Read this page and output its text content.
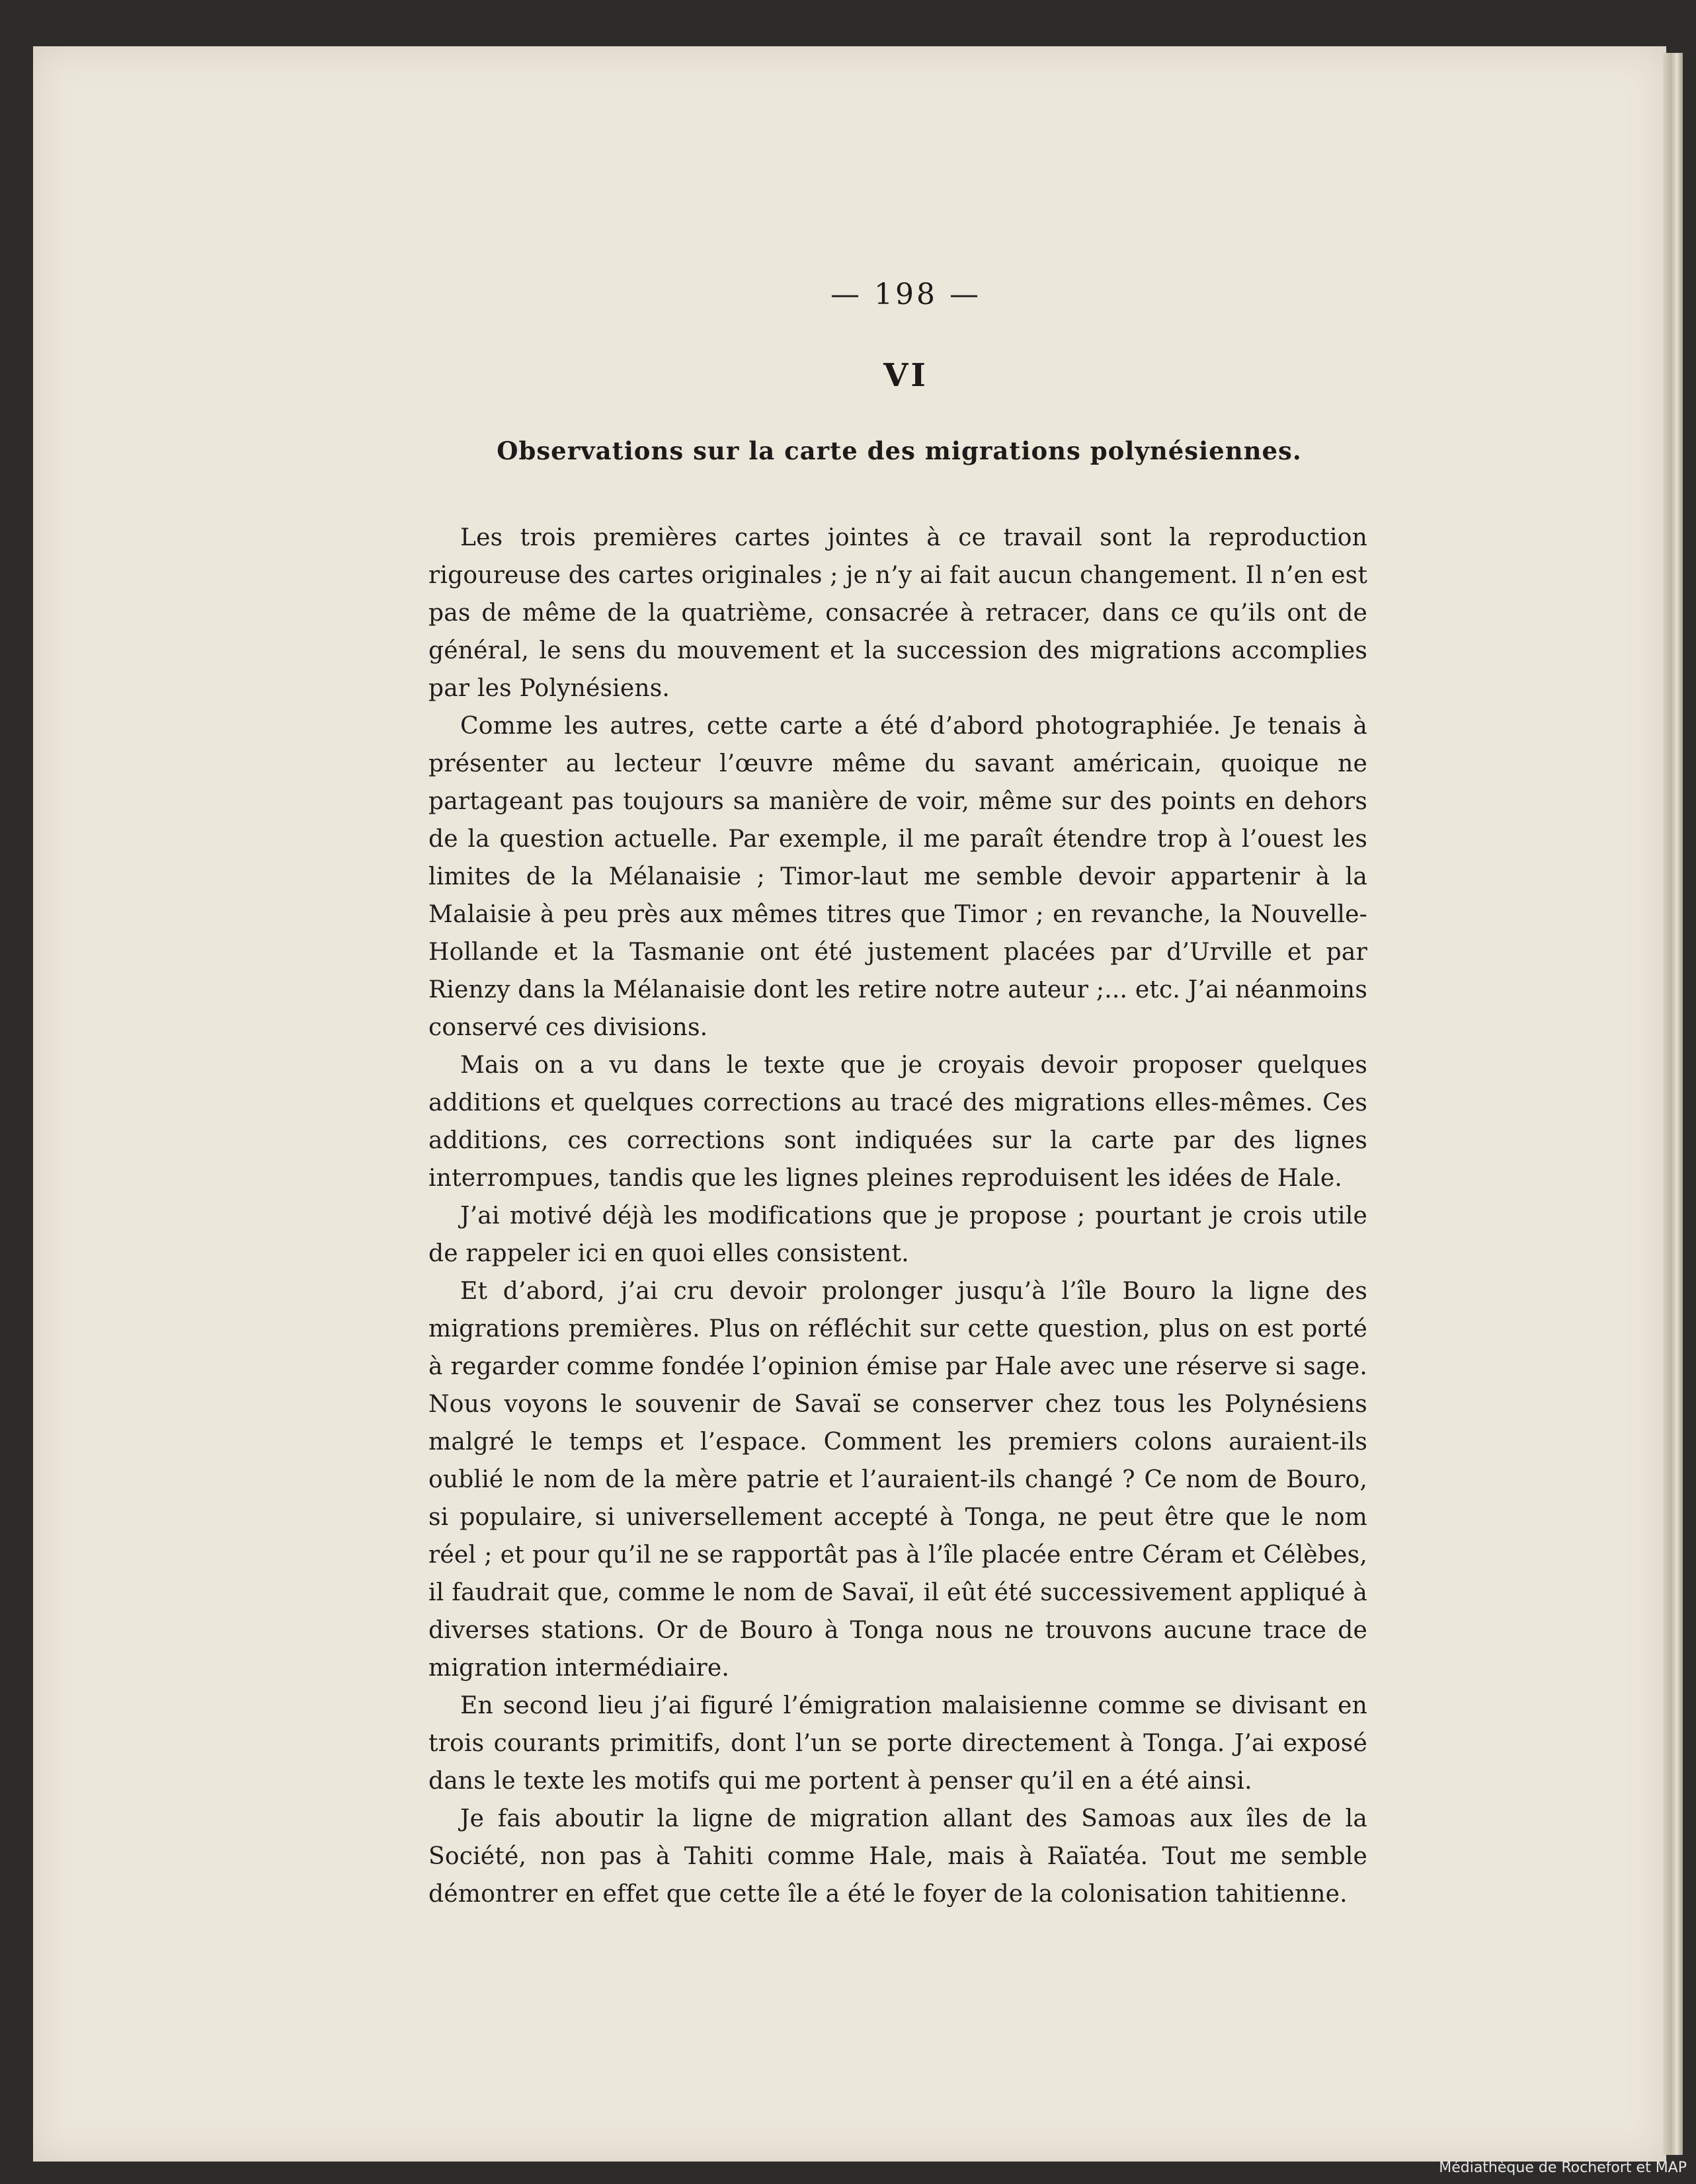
— 198 —
VI
Observations sur la carte des migrations polynésiennes.

Les trois premières cartes jointes à ce travail sont la reproduction rigoureuse des cartes originales ; je n’y ai fait aucun changement. Il n’en est pas de même de la quatrième, consacrée à retracer, dans ce qu’ils ont de général, le sens du mouvement et la succession des migrations accomplies par les Polynésiens.

Comme les autres, cette carte a été d’abord photographiée. Je tenais à présenter au lecteur l’œuvre même du savant américain, quoique ne partageant pas toujours sa manière de voir, même sur des points en dehors de la question actuelle. Par exemple, il me paraît étendre trop à l’ouest les limites de la Mélanaisie ; Timor-laut me semble devoir appartenir à la Malaisie à peu près aux mêmes titres que Timor ; en revanche, la Nouvelle-Hollande et la Tasmanie ont été justement placées par d’Urville et par Rienzy dans la Mélanaisie dont les retire notre auteur ;... etc. J’ai néanmoins conservé ces divisions.

Mais on a vu dans le texte que je croyais devoir proposer quelques additions et quelques corrections au tracé des migrations elles-mêmes. Ces additions, ces corrections sont indiquées sur la carte par des lignes interrompues, tandis que les lignes pleines reproduisent les idées de Hale.

J’ai motivé déjà les modifications que je propose ; pourtant je crois utile de rappeler ici en quoi elles consistent.

Et d’abord, j’ai cru devoir prolonger jusqu’à l’île Bouro la ligne des migrations premières. Plus on réfléchit sur cette question, plus on est porté à regarder comme fondée l’opinion émise par Hale avec une réserve si sage. Nous voyons le souvenir de Savaï se conserver chez tous les Polynésiens malgré le temps et l’espace. Comment les premiers colons auraient-ils oublié le nom de la mère patrie et l’auraient-ils changé ? Ce nom de Bouro, si populaire, si universellement accepté à Tonga, ne peut être que le nom réel ; et pour qu’il ne se rapportât pas à l’île placée entre Céram et Célèbes, il faudrait que, comme le nom de Savaï, il eût été successivement appliqué à diverses stations. Or de Bouro à Tonga nous ne trouvons aucune trace de migration intermédiaire.

En second lieu j’ai figuré l’émigration malaisienne comme se divisant en trois courants primitifs, dont l’un se porte directement à Tonga. J’ai exposé dans le texte les motifs qui me portent à penser qu’il en a été ainsi.

Je fais aboutir la ligne de migration allant des Samoas aux îles de la Société, non pas à Tahiti comme Hale, mais à Raïatéa. Tout me semble démontrer en effet que cette île a été le foyer de la colonisation tahitienne.

Médiathèque de Rochefort et MAP
